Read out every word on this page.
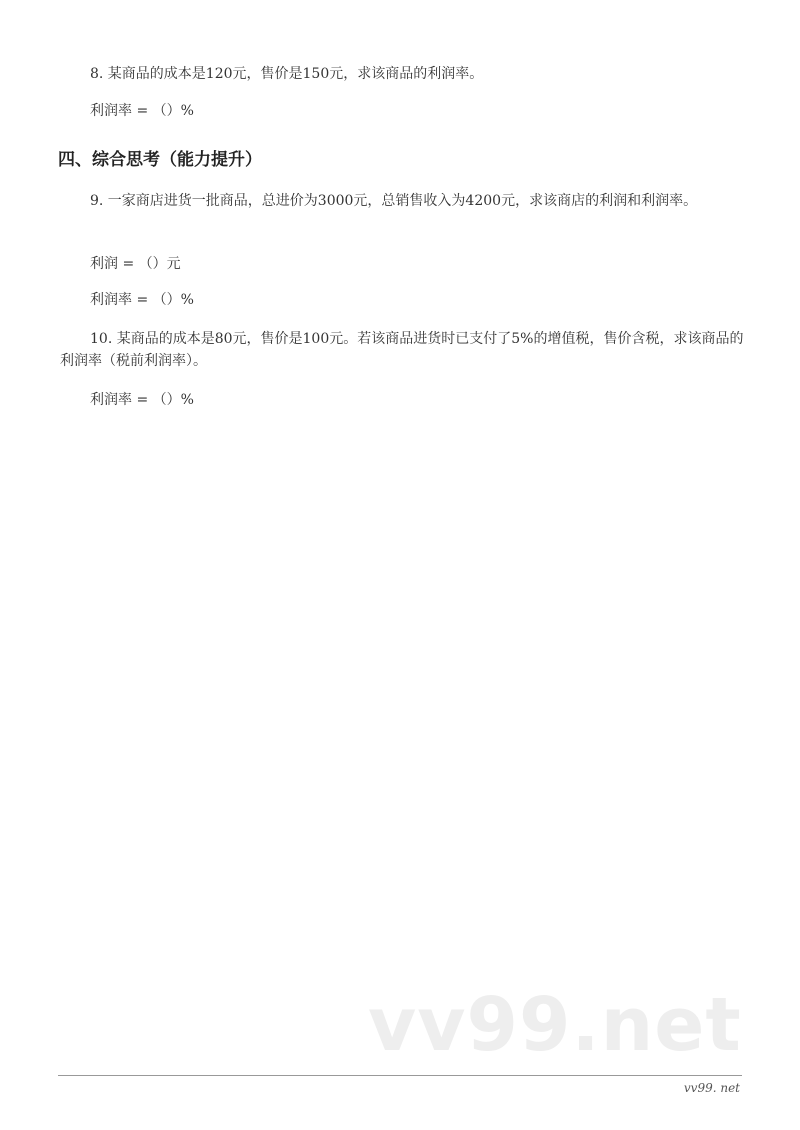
8. 某商品的成本是120元，售价是150元，求该商品的利润率。
利润率 = （）%
四、综合思考（能力提升）
9. 一家商店进货一批商品，总进价为3000元，总销售收入为4200元，求该商店的利润和利润率。
利润 = （）元
利润率 = （）%
10. 某商品的成本是80元，售价是100元。若该商品进货时已支付了5%的增值税，售价含税，求该商品的利润率（税前利润率）。
利润率 = （）%
vv99.net
vv99. net
